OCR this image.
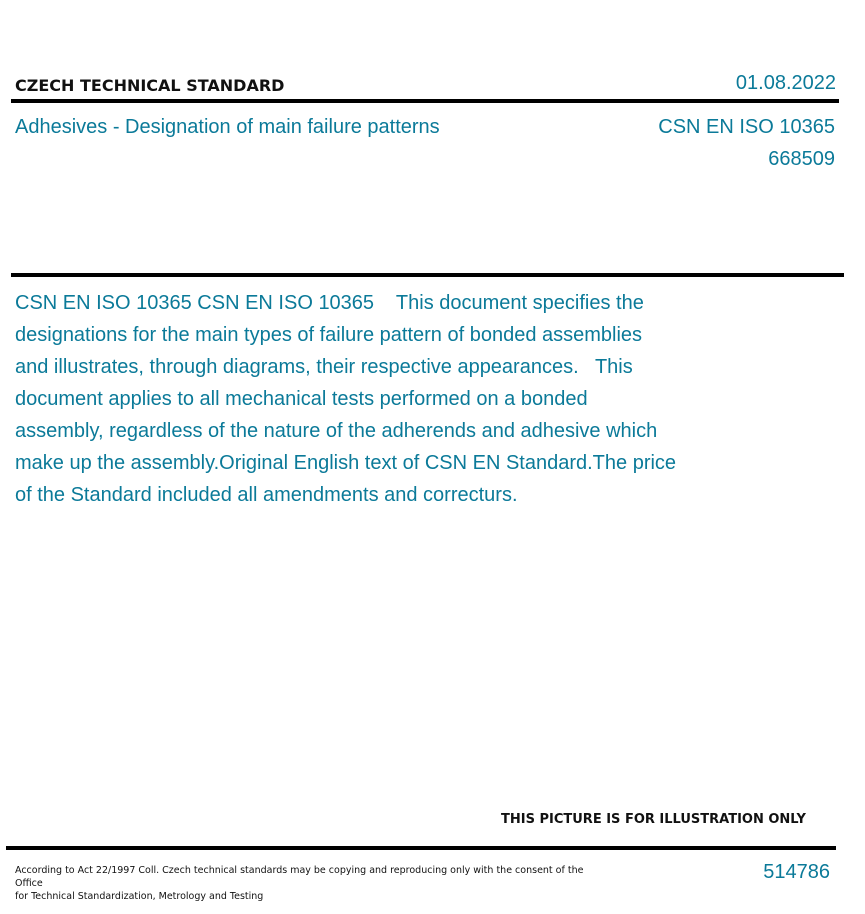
CZECH TECHNICAL STANDARD	01.08.2022
Adhesives - Designation of main failure patterns	CSN EN ISO 10365
668509
CSN EN ISO 10365 CSN EN ISO 10365    This document specifies the designations for the main types of failure pattern of bonded assemblies and illustrates, through diagrams, their respective appearances.   This document applies to all mechanical tests performed on a bonded assembly, regardless of the nature of the adherends and adhesive which make up the assembly.Original English text of CSN EN Standard.The price of the Standard included all amendments and correcturs.
THIS PICTURE IS FOR ILLUSTRATION ONLY
According to Act 22/1997 Coll. Czech technical standards may be copying and reproducing only with the consent of the Office
for Technical Standardization, Metrology and Testing
514786
